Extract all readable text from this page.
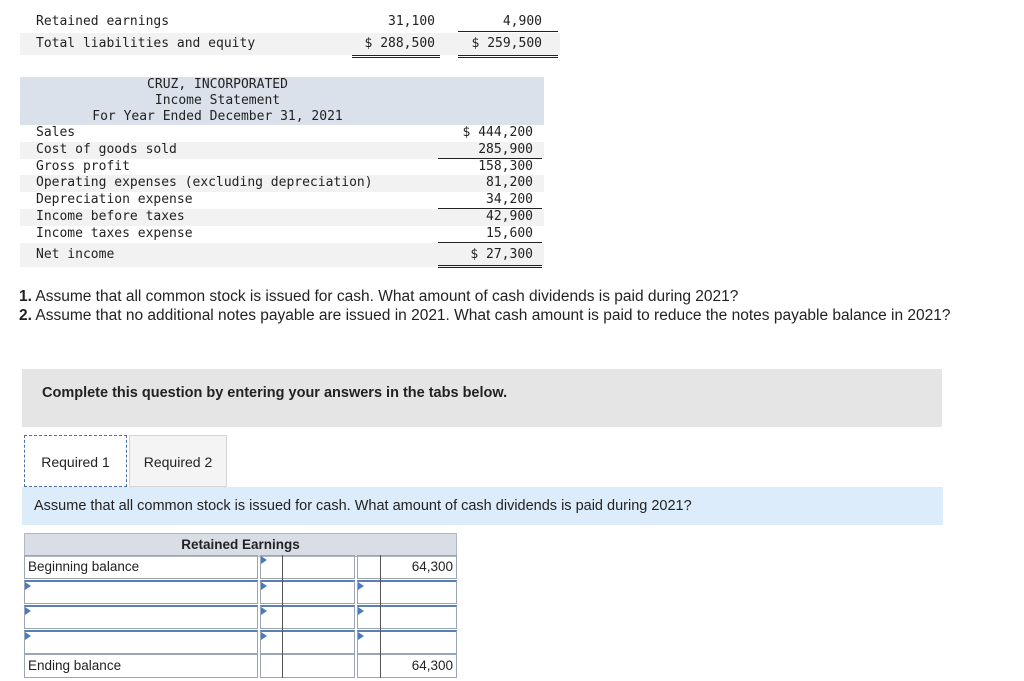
Retained earnings	31,100	4,900
Total liabilities and equity	$ 288,500	$ 259,500
CRUZ, INCORPORATED
Income Statement
For Year Ended December 31, 2021
Sales	$ 444,200
Cost of goods sold	285,900
Gross profit	158,300
Operating expenses (excluding depreciation)	81,200
Depreciation expense	34,200
Income before taxes	42,900
Income taxes expense	15,600
Net income	$ 27,300
1. Assume that all common stock is issued for cash. What amount of cash dividends is paid during 2021?
2. Assume that no additional notes payable are issued in 2021. What cash amount is paid to reduce the notes payable balance in 2021?
Complete this question by entering your answers in the tabs below.
Required 1	Required 2
Assume that all common stock is issued for cash. What amount of cash dividends is paid during 2021?
Retained Earnings
Beginning balance	64,300
Ending balance	64,300
